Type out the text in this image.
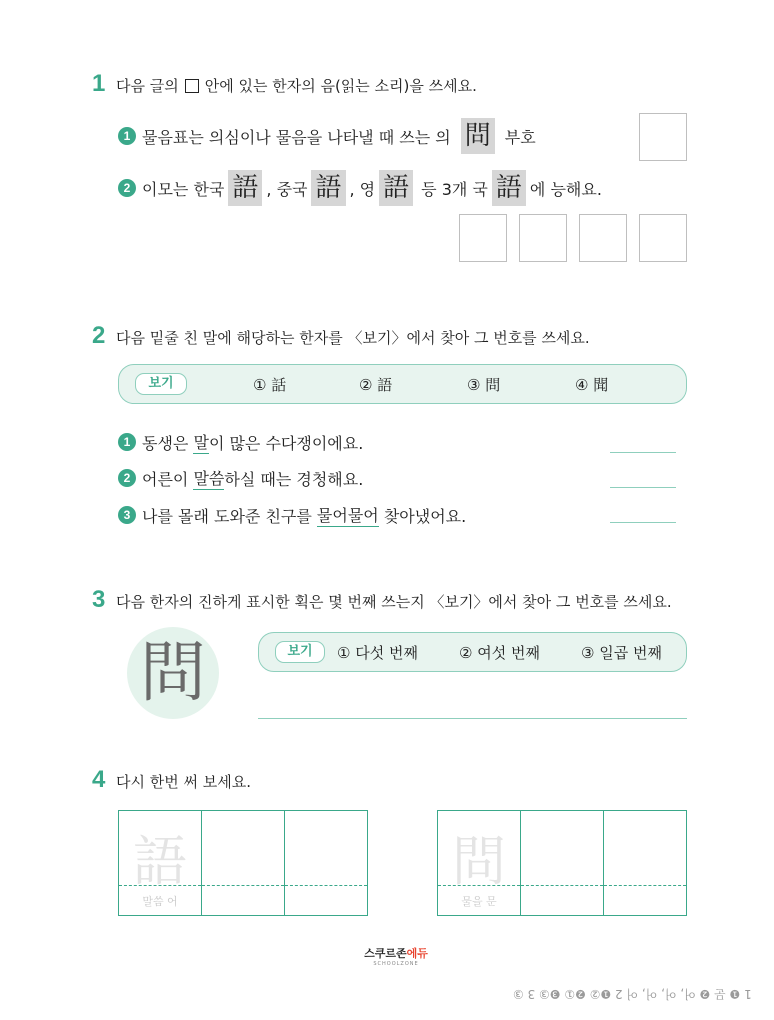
1 다음 글의 안에 있는 한자의 음(읽는 소리)을 쓰세요.
1 물음표는 의심이나 물음을 나타낼 때 쓰는 의 問 부호
2 이모는 한국 語 , 중국 語 , 영 語 등 3개 국 語 에 능해요.
2 다음 밑줄 친 말에 해당하는 한자를 〈보기〉에서 찾아 그 번호를 쓰세요.
보기	① 話	② 語	③ 問	④ 聞
1 동생은 말 이 많은 수다쟁이에요.
2 어른이 말씀 하실 때는 경청해요.
3 나를 몰래 도와준 친구를 물어물어 찾아냈어요.
3 다음 한자의 진하게 표시한 획은 몇 번째 쓰는지 〈보기〉에서 찾아 그 번호를 쓰세요.
問	보기	① 다섯 번째	② 여섯 번째	③ 일곱 번째
4 다시 한번 써 보세요.
語
말씀 어
問
물을 문
스쿠르존에듀
SCHOOLZONE
1 ❶ 문 ❷ 어, 어, 어, 어 2 ❶② ❷① ❸③ 3 ③
